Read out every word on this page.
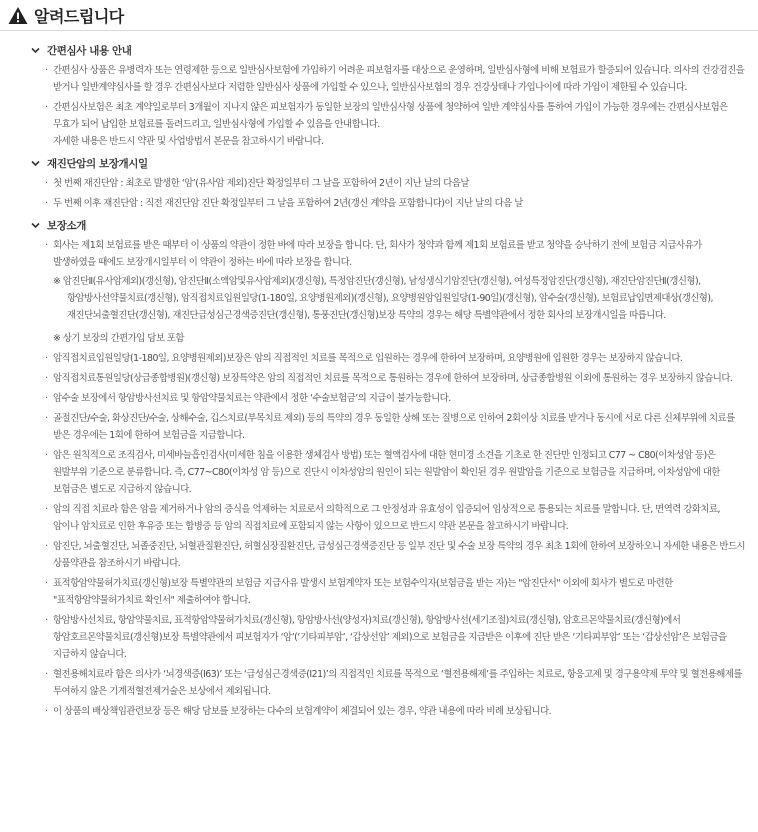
알려드립니다
간편심사 내용 안내
· 간편심사 상품은 유병력자 또는 연령제한 등으로 일반심사보험에 가입하기 어려운 피보험자를 대상으로 운영하며, 일반심사형에 비해 보험료가 할증되어 있습니다. 의사의 건강검진을 받거나 일반계약심사를 할 경우 간편심사보다 저렴한 일반심사 상품에 가입할 수 있으나, 일반심사보험의 경우 건강상태나 가입나이에 따라 가입이 제한될 수 있습니다.
· 간편심사보험은 최초 계약일로부터 3개월이 지나지 않은 피보험자가 동일한 보장의 일반심사형 상품에 청약하여 일반 계약심사를 통하여 가입이 가능한 경우에는 간편심사보험은 무효가 되어 납입한 보험료를 돌려드리고, 일반심사형에 가입할 수 있음을 안내합니다.
자세한 내용은 반드시 약관 및 사업방법서 본문을 참고하시기 바랍니다.
재진단암의 보장개시일
· 첫 번째 재진단암 : 최초로 발생한 ‘암’(유사암 제외)진단 확정일부터 그 날을 포함하여 2년이 지난 날의 다음날
· 두 번째 이후 재진단암 : 직전 재진단암 진단 확정일부터 그 날을 포함하여 2년(갱신 계약을 포함합니다)이 지난 날의 다음 날
보장소개
· 회사는 제1회 보험료를 받은 때부터 이 상품의 약관이 정한 바에 따라 보장을 합니다. 단, 회사가 청약과 함께 제1회 보험료를 받고 청약을 승낙하기 전에 보험금 지급사유가 발생하였을 때에도 보장개시일부터 이 약관이 정하는 바에 따라 보장을 합니다.
※ 암진단Ⅱ(유사암제외)(갱신형), 암진단Ⅱ(소액암및유사암제외)(갱신형), 특정암진단(갱신형), 남성생식기암진단(갱신형), 여성특정암진단(갱신형), 재진단암진단Ⅱ(갱신형), 항암방사선약물치료(갱신형), 암직접치료입원일당(1-180일, 요양병원제외)(갱신형), 요양병원암입원일당(1-90일)(갱신형), 암수술(갱신형), 보험료납입면제대상(갱신형), 재진단뇌출혈진단(갱신형), 재진단급성심근경색증진단(갱신형), 통풍진단(갱신형)보장 특약의 경우는 해당 특별약관에서 정한 회사의 보장개시일을 따릅니다.
※ 상기 보장의 간편가입 담보 포함
· 암직접치료입원일당(1-180일, 요양병원제외)보장은 암의 직접적인 치료를 목적으로 입원하는 경우에 한하여 보장하며, 요양병원에 입원한 경우는 보장하지 않습니다.
· 암직접치료통원일당(상급종합병원)(갱신형) 보장특약은 암의 직접적인 치료를 목적으로 통원하는 경우에 한하여 보장하며, 상급종합병원 이외에 통원하는 경우 보장하지 않습니다.
· 암수술 보장에서 항암방사선치료 및 항암약물치료는 약관에서 정한 ‘수술보험금’의 지급이 불가능합니다.
· 골절진단/수술, 화상진단/수술, 상해수술, 깁스치료(부목치료 제외) 등의 특약의 경우 동일한 상해 또는 질병으로 인하여 2회이상 치료를 받거나 동시에 서로 다른 신체부위에 치료를 받은 경우에는 1회에 한하여 보험금을 지급합니다.
· 암은 원칙적으로 조직검사, 미세바늘흡인검사(미세한 침을 이용한 생체검사 방법) 또는 혈액검사에 대한 현미경 소견을 기초로 한 진단만 인정되고 C77 ~ C80(이차성암 등)은 원발부위 기준으로 분류합니다. 즉, C77~C80(이차성 암 등)으로 진단시 이차성암의 원인이 되는 원발암이 확인된 경우 원발암을 기준으로 보험금을 지급하며, 이차성암에 대한 보험금은 별도로 지급하지 않습니다.
· 암의 직접 치료라 함은 암을 제거하거나 암의 증식을 억제하는 치료로서 의학적으로 그 안정성과 유효성이 입증되어 임상적으로 통용되는 치료를 말합니다. 단, 면역력 강화치료, 암이나 암치료로 인한 후유증 또는 합병증 등 암의 직접치료에 포함되지 않는 사항이 있으므로 반드시 약관 본문을 참고하시기 바랍니다.
· 암진단, 뇌출혈진단, 뇌졸중진단, 뇌혈관질환진단, 허혈심장질환진단, 급성심근경색증진단 등 일부 진단 및 수술 보장 특약의 경우 최초 1회에 한하여 보장하오니 자세한 내용은 반드시 상품약관을 참조하시기 바랍니다.
· 표적항암약물허가치료(갱신형)보장 특별약관의 보험금 지급사유 발생시 보험계약자 또는 보험수익자(보험금을 받는 자)는 "암진단서" 이외에 회사가 별도로 마련한 "표적항암약물허가치료 확인서" 제출하여야 합니다.
· 항암방사선치료, 항암약물치료, 표적항암약물허가치료(갱신형), 항암방사선(양성자)치료(갱신형), 항암방사선(세기조절)치료(갱신형), 암호르몬약물치료(갱신형)에서 항암호르몬약물치료(갱신형)보장 특별약관에서 피보험자가 ‘암’(‘기타피부암’, ‘갑상선암’ 제외)으로 보험금을 지급받은 이후에 진단 받은 ‘기타피부암’ 또는 ‘갑상선암’은 보험금을 지급하지 않습니다.
· 혈전용해치료라 함은 의사가 ‘뇌경색증(I63)’ 또는 ‘급성심근경색증(I21)’의 직접적인 치료를 목적으로 ‘혈전용해제’를 주입하는 치료로, 항응고제 및 경구용약제 투약 및 혈전용해제를 투여하지 않은 기계적혈전제거술은 보상에서 제외됩니다.
· 이 상품의 배상책임관련보장 등은 해당 담보를 보장하는 다수의 보험계약이 체결되어 있는 경우, 약관 내용에 따라 비례 보상됩니다.
